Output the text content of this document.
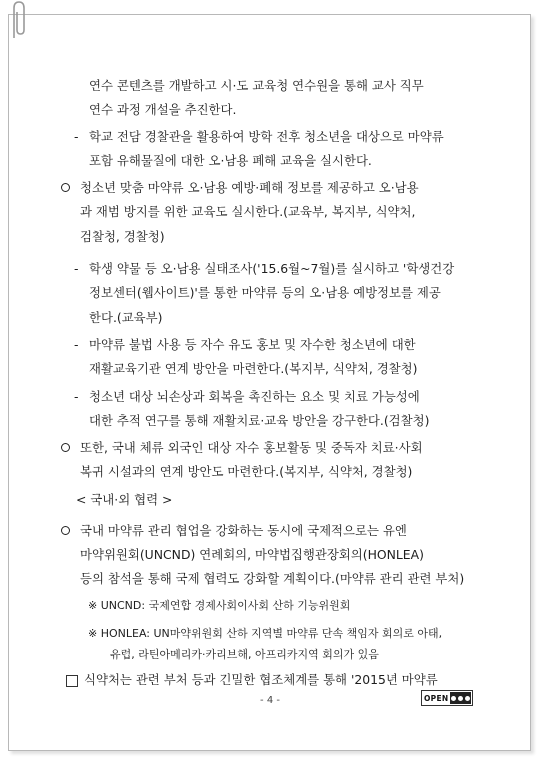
연수 콘텐츠를 개발하고 시·도 교육청 연수원을 통해 교사 직무
연수 과정 개설을 추진한다.
- 학교 전담 경찰관을 활용하여 방학 전후 청소년을 대상으로 마약류
포함 유해물질에 대한 오·남용 폐해 교육을 실시한다.
청소년 맞춤 마약류 오·남용 예방·폐해 정보를 제공하고 오·남용
과 재범 방지를 위한 교육도 실시한다.(교육부, 복지부, 식약처,
검찰청, 경찰청)
- 학생 약물 등 오·남용 실태조사('15.6월~7월)를 실시하고 '학생건강
정보센터(웹사이트)'를 통한 마약류 등의 오·남용 예방정보를 제공
한다.(교육부)
- 마약류 불법 사용 등 자수 유도 홍보 및 자수한 청소년에 대한
재활교육기관 연계 방안을 마련한다.(복지부, 식약처, 경찰청)
- 청소년 대상 뇌손상과 회복을 촉진하는 요소 및 치료 가능성에
대한 추적 연구를 통해 재활치료·교육 방안을 강구한다.(검찰청)
또한, 국내 체류 외국인 대상 자수 홍보활동 및 중독자 치료·사회
복귀 시설과의 연계 방안도 마련한다.(복지부, 식약처, 경찰청)
< 국내·외 협력 >
국내 마약류 관리 협업을 강화하는 동시에 국제적으로는 유엔
마약위원회(UNCND) 연례회의, 마약법집행관장회의(HONLEA)
등의 참석을 통해 국제 협력도 강화할 계획이다.(마약류 관리 관련 부처)
※ UNCND: 국제연합 경제사회이사회 산하 기능위원회
※ HONLEA: UN마약위원회 산하 지역별 마약류 단속 책임자 회의로 아태,
유럽, 라틴아메리카·카리브해, 아프리카지역 회의가 있음
식약처는 관련 부처 등과 긴밀한 협조체계를 통해 '2015년 마약류
- 4 -	OPEN
